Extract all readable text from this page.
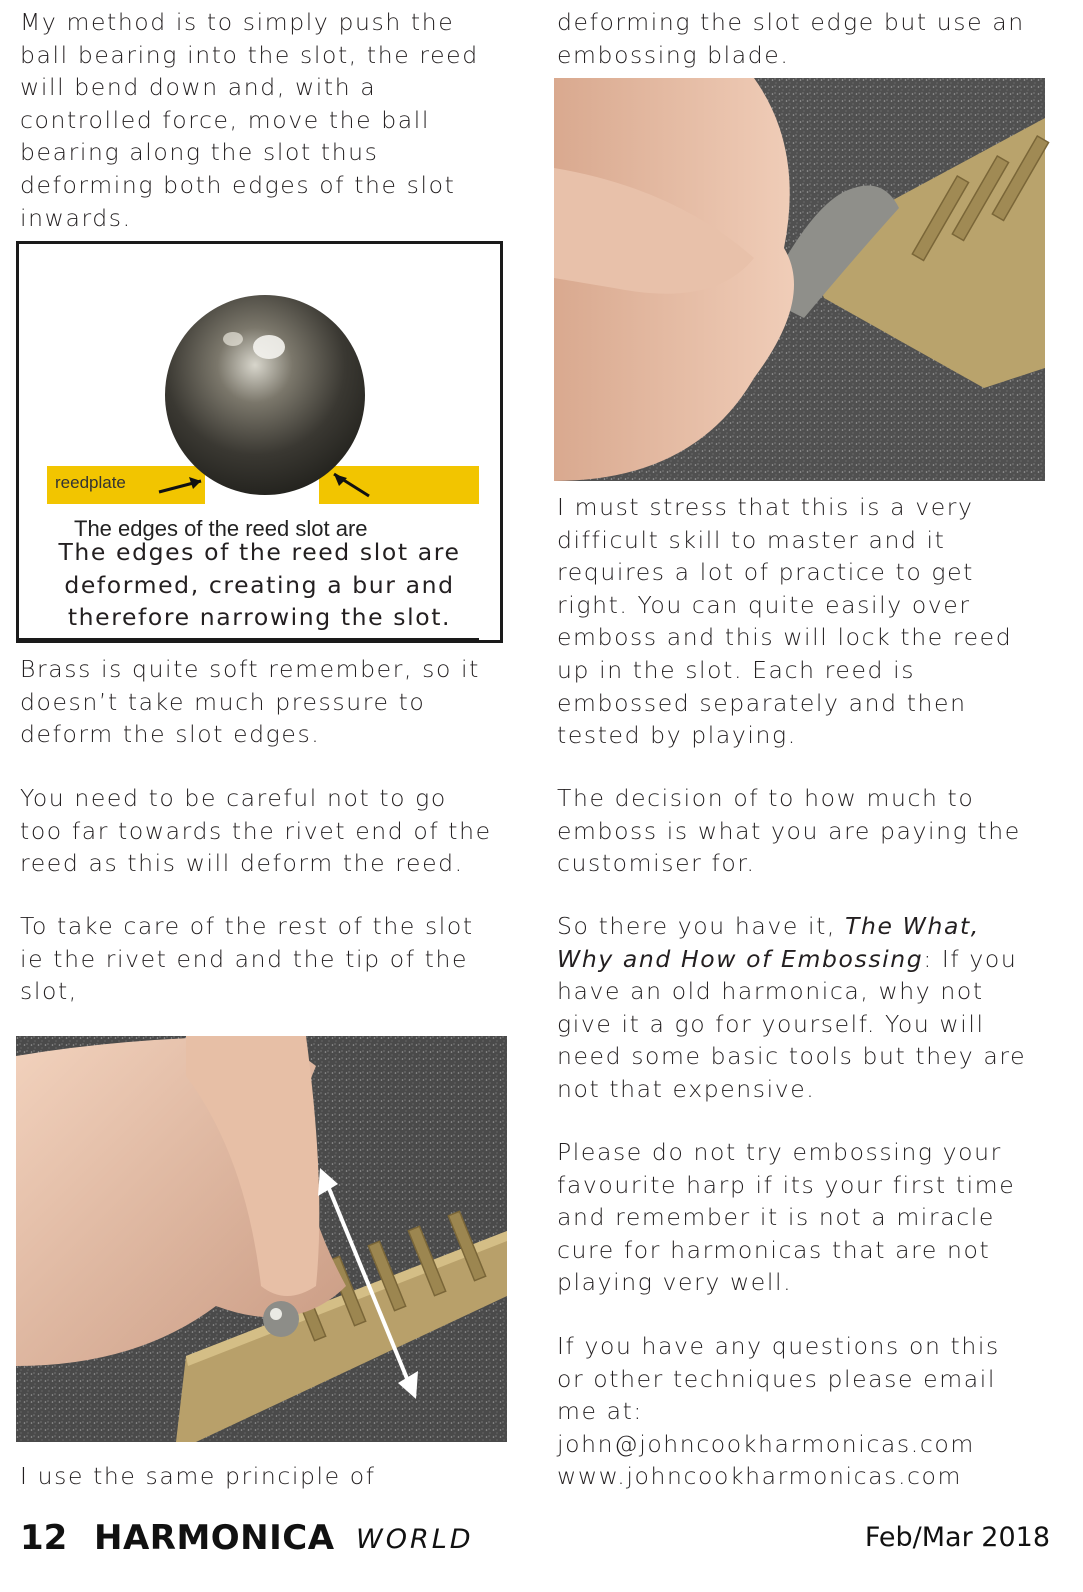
My method is to simply push the
ball bearing into the slot, the reed
will bend down and, with a
controlled force, move the ball
bearing along the slot thus
deforming both edges of the slot
inwards.

reedplate
The edges of the reed slot are
The edges of the reed slot are
deformed, creating a bur and
therefore narrowing the slot.

Brass is quite soft remember, so it
doesn’t take much pressure to
deform the slot edges.

You need to be careful not to go
too far towards the rivet end of the
reed as this will deform the reed.

To take care of the rest of the slot
ie the rivet end and the tip of the
slot,

I use the same principle of

deforming the slot edge but use an
embossing blade.

I must stress that this is a very
difficult skill to master and it
requires a lot of practice to get
right. You can quite easily over
emboss and this will lock the reed
up in the slot. Each reed is
embossed separately and then
tested by playing.

The decision of to how much to
emboss is what you are paying the
customiser for.

So there you have it, The What,
Why and How of Embossing: If you
have an old harmonica, why not
give it a go for yourself. You will
need some basic tools but they are
not that expensive.

Please do not try embossing your
favourite harp if its your first time
and remember it is not a miracle
cure for harmonicas that are not
playing very well.

If you have any questions on this
or other techniques please email
me at:

john@johncookharmonicas.com

www.johncookharmonicas.com

12 HARMONICA WORLD	Feb/Mar 2018
